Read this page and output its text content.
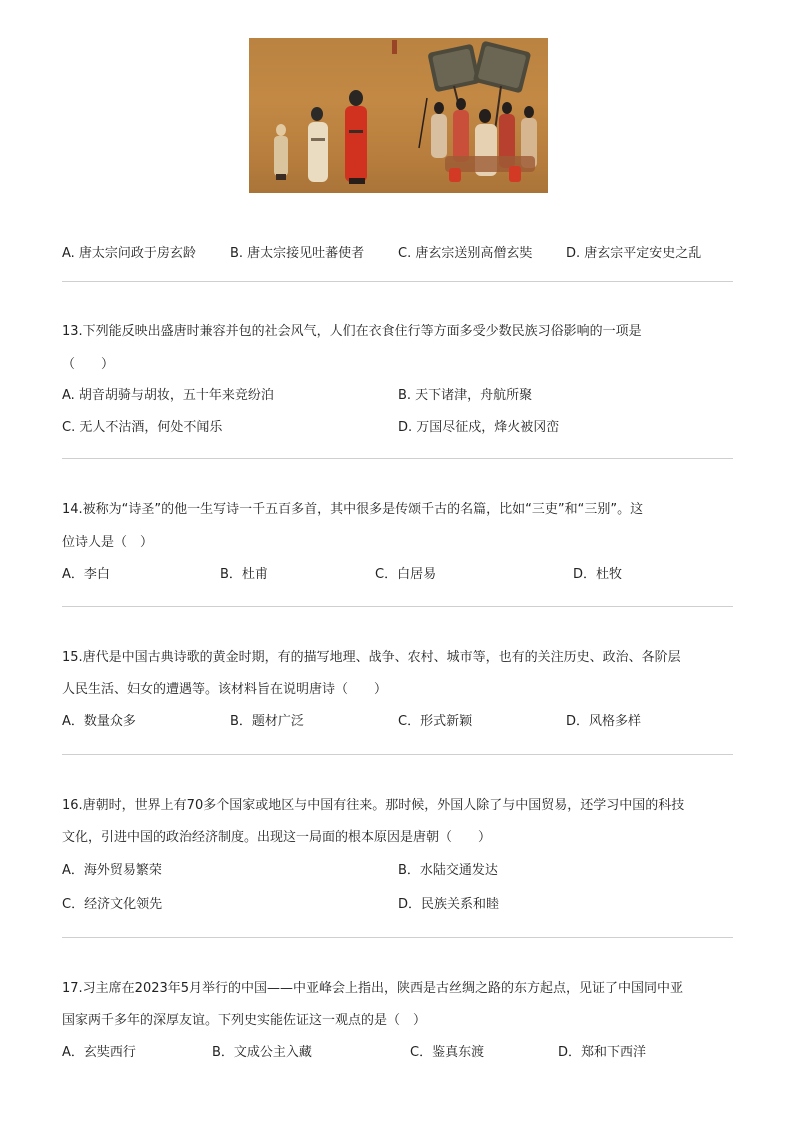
A. 唐太宗问政于房玄龄	B. 唐太宗接见吐蕃使者	C. 唐玄宗送别高僧玄奘	D. 唐玄宗平定安史之乱
13.下列能反映出盛唐时兼容并包的社会风气，人们在衣食住行等方面多受少数民族习俗影响的一项是
（　　）
A. 胡音胡骑与胡妆，五十年来竞纷泊	B. 天下诸津，舟航所聚
C. 无人不沽酒，何处不闻乐	D. 万国尽征戍，烽火被冈峦
14.被称为“诗圣”的他一生写诗一千五百多首，其中很多是传颂千古的名篇，比如“三吏”和“三别”。这
位诗人是（　）
A．李白	B．杜甫	C．白居易	D．杜牧
15.唐代是中国古典诗歌的黄金时期，有的描写地理、战争、农村、城市等，也有的关注历史、政治、各阶层
人民生活、妇女的遭遇等。该材料旨在说明唐诗（　　）
A．数量众多	B．题材广泛	C．形式新颖	D．风格多样
16.唐朝时，世界上有70多个国家或地区与中国有往来。那时候，外国人除了与中国贸易，还学习中国的科技
文化，引进中国的政治经济制度。出现这一局面的根本原因是唐朝（　　）
A．海外贸易繁荣	B．水陆交通发达
C．经济文化领先	D．民族关系和睦
17.习主席在2023年5月举行的中国——中亚峰会上指出，陕西是古丝绸之路的东方起点，见证了中国同中亚
国家两千多年的深厚友谊。下列史实能佐证这一观点的是（　）
A．玄奘西行	B．文成公主入藏	C．鉴真东渡	D．郑和下西洋
